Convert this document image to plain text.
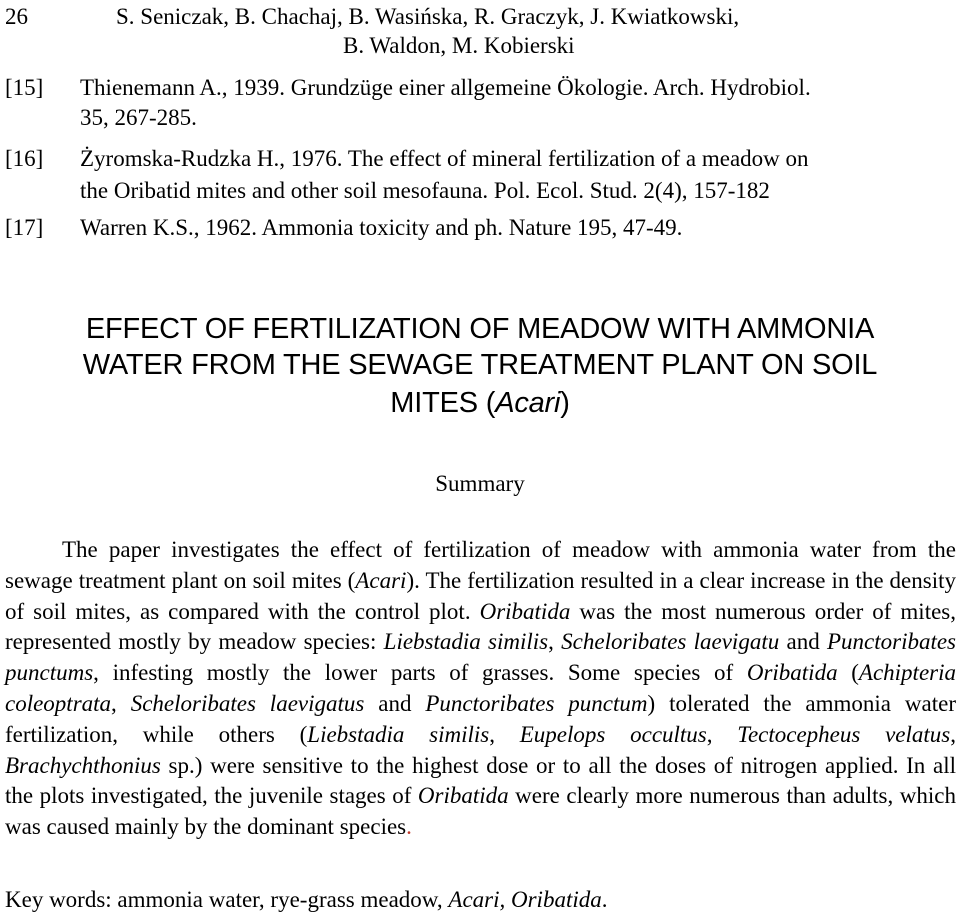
26	S. Seniczak, B. Chachaj, B. Wasińska, R. Graczyk, J. Kwiatkowski,
B. Waldon, M. Kobierski
[15] Thienemann A., 1939. Grundzüge einer allgemeine Ökologie. Arch. Hydrobiol.
35, 267-285.
[16] Żyromska-Rudzka H., 1976. The effect of mineral fertilization of a meadow on
the Oribatid mites and other soil mesofauna. Pol. Ecol. Stud. 2(4), 157-182
[17] Warren K.S., 1962. Ammonia toxicity and ph. Nature 195, 47-49.
EFFECT OF FERTILIZATION OF MEADOW WITH AMMONIA
WATER FROM THE SEWAGE TREATMENT PLANT ON SOIL
MITES (Acari)
Summary

The paper investigates the effect of fertilization of meadow with ammonia water from the sewage treatment plant on soil mites (Acari). The fertilization resulted in a clear increase in the density of soil mites, as compared with the control plot. Oribatida was the most numerous order of mites, represented mostly by meadow species: Liebstadia similis, Scheloribates laevigatu and Punctoribates punctums, infesting mostly the lower parts of grasses. Some species of Oribatida (Achipteria coleoptrata, Scheloribates laevigatus and Punctoribates punctum) tolerated the ammonia water fertilization, while others (Liebstadia similis, Eupelops occultus, Tectocepheus velatus, Brachychthonius sp.) were sensitive to the highest dose or to all the doses of nitrogen applied. In all the plots investigated, the juvenile stages of Oribatida were clearly more numerous than adults, which was caused mainly by the dominant species.

Key words: ammonia water, rye-grass meadow, Acari, Oribatida.
